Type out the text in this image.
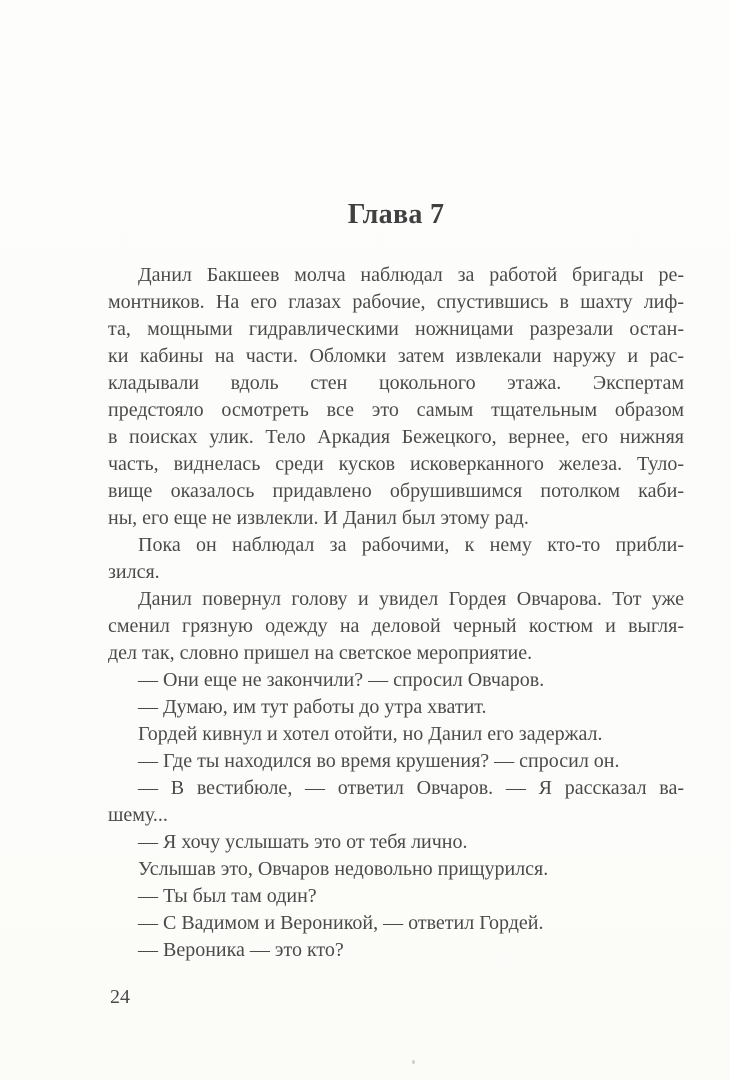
Глава 7
Данил Бакшеев молча наблюдал за работой бригады ре-
монтников. На его глазах рабочие, спустившись в шахту лиф-
та, мощными гидравлическими ножницами разрезали остан-
ки кабины на части. Обломки затем извлекали наружу и рас-
кладывали вдоль стен цокольного этажа. Экспертам
предстояло осмотреть все это самым тщательным образом
в поисках улик. Тело Аркадия Бежецкого, вернее, его нижняя
часть, виднелась среди кусков исковерканного железа. Туло-
вище оказалось придавлено обрушившимся потолком каби-
ны, его еще не извлекли. И Данил был этому рад.
Пока он наблюдал за рабочими, к нему кто-то прибли-
зился.
Данил повернул голову и увидел Гордея Овчарова. Тот уже
сменил грязную одежду на деловой черный костюм и выгля-
дел так, словно пришел на светское мероприятие.
— Они еще не закончили? — спросил Овчаров.
— Думаю, им тут работы до утра хватит.
Гордей кивнул и хотел отойти, но Данил его задержал.
— Где ты находился во время крушения? — спросил он.
— В вестибюле, — ответил Овчаров. — Я рассказал ва-
шему...
— Я хочу услышать это от тебя лично.
Услышав это, Овчаров недовольно прищурился.
— Ты был там один?
— С Вадимом и Вероникой, — ответил Гордей.
— Вероника — это кто?
24
